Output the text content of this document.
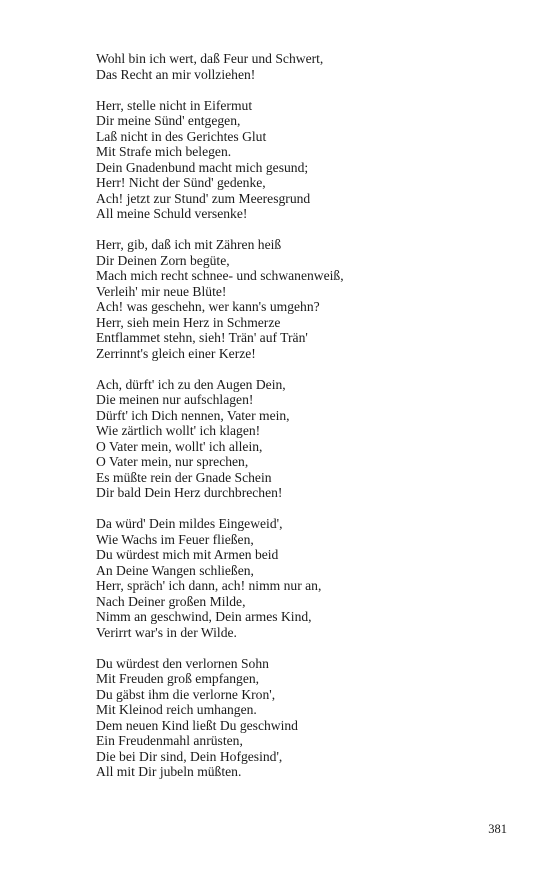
Wohl bin ich wert, daß Feur und Schwert,
Das Recht an mir vollziehen!
Herr, stelle nicht in Eifermut
Dir meine Sünd' entgegen,
Laß nicht in des Gerichtes Glut
Mit Strafe mich belegen.
Dein Gnadenbund macht mich gesund;
Herr! Nicht der Sünd' gedenke,
Ach! jetzt zur Stund' zum Meeresgrund
All meine Schuld versenke!
Herr, gib, daß ich mit Zähren heiß
Dir Deinen Zorn begüte,
Mach mich recht schnee- und schwanenweiß,
Verleih' mir neue Blüte!
Ach! was geschehn, wer kann's umgehn?
Herr, sieh mein Herz in Schmerze
Entflammet stehn, sieh! Trän' auf Trän'
Zerrinnt's gleich einer Kerze!
Ach, dürft' ich zu den Augen Dein,
Die meinen nur aufschlagen!
Dürft' ich Dich nennen, Vater mein,
Wie zärtlich wollt' ich klagen!
O Vater mein, wollt' ich allein,
O Vater mein, nur sprechen,
Es müßte rein der Gnade Schein
Dir bald Dein Herz durchbrechen!
Da würd' Dein mildes Eingeweid',
Wie Wachs im Feuer fließen,
Du würdest mich mit Armen beid
An Deine Wangen schließen,
Herr, spräch' ich dann, ach! nimm nur an,
Nach Deiner großen Milde,
Nimm an geschwind, Dein armes Kind,
Verirrt war's in der Wilde.
Du würdest den verlornen Sohn
Mit Freuden groß empfangen,
Du gäbst ihm die verlorne Kron',
Mit Kleinod reich umhangen.
Dem neuen Kind ließt Du geschwind
Ein Freudenmahl anrüsten,
Die bei Dir sind, Dein Hofgesind',
All mit Dir jubeln müßten.
381
